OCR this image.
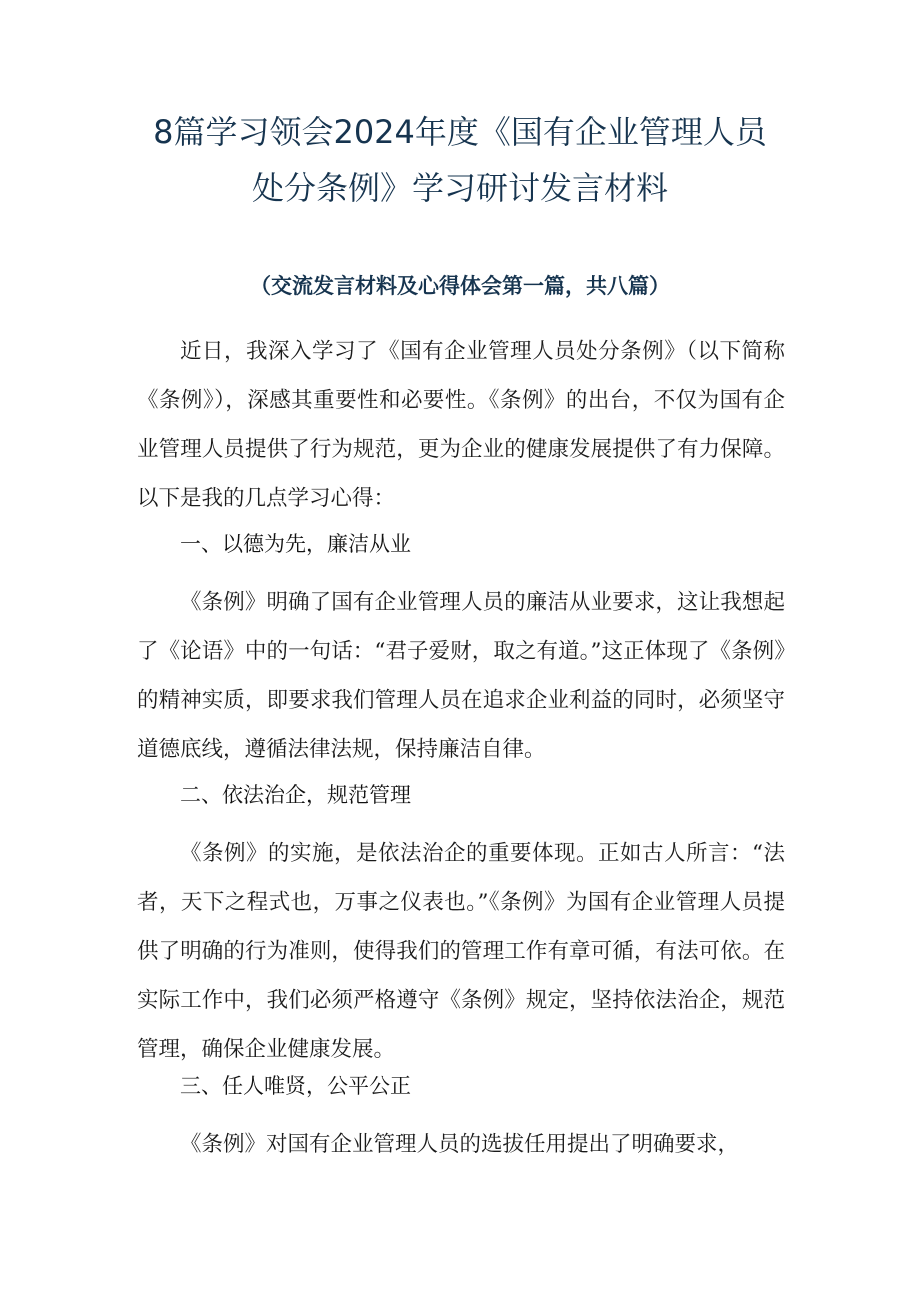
8篇学习领会2024年度《国有企业管理人员处分条例》学习研讨发言材料

（交流发言材料及心得体会第一篇，共八篇）

近日，我深入学习了《国有企业管理人员处分条例》（以下简称《条例》），深感其重要性和必要性。《条例》的出台，不仅为国有企业管理人员提供了行为规范，更为企业的健康发展提供了有力保障。以下是我的几点学习心得：

一、以德为先，廉洁从业

《条例》明确了国有企业管理人员的廉洁从业要求，这让我想起了《论语》中的一句话：“君子爱财，取之有道。”这正体现了《条例》的精神实质，即要求我们管理人员在追求企业利益的同时，必须坚守道德底线，遵循法律法规，保持廉洁自律。

二、依法治企，规范管理

《条例》的实施，是依法治企的重要体现。正如古人所言：“法者，天下之程式也，万事之仪表也。”《条例》为国有企业管理人员提供了明确的行为准则，使得我们的管理工作有章可循，有法可依。在实际工作中，我们必须严格遵守《条例》规定，坚持依法治企，规范管理，确保企业健康发展。

三、任人唯贤，公平公正

《条例》对国有企业管理人员的选拔任用提出了明确要求，
